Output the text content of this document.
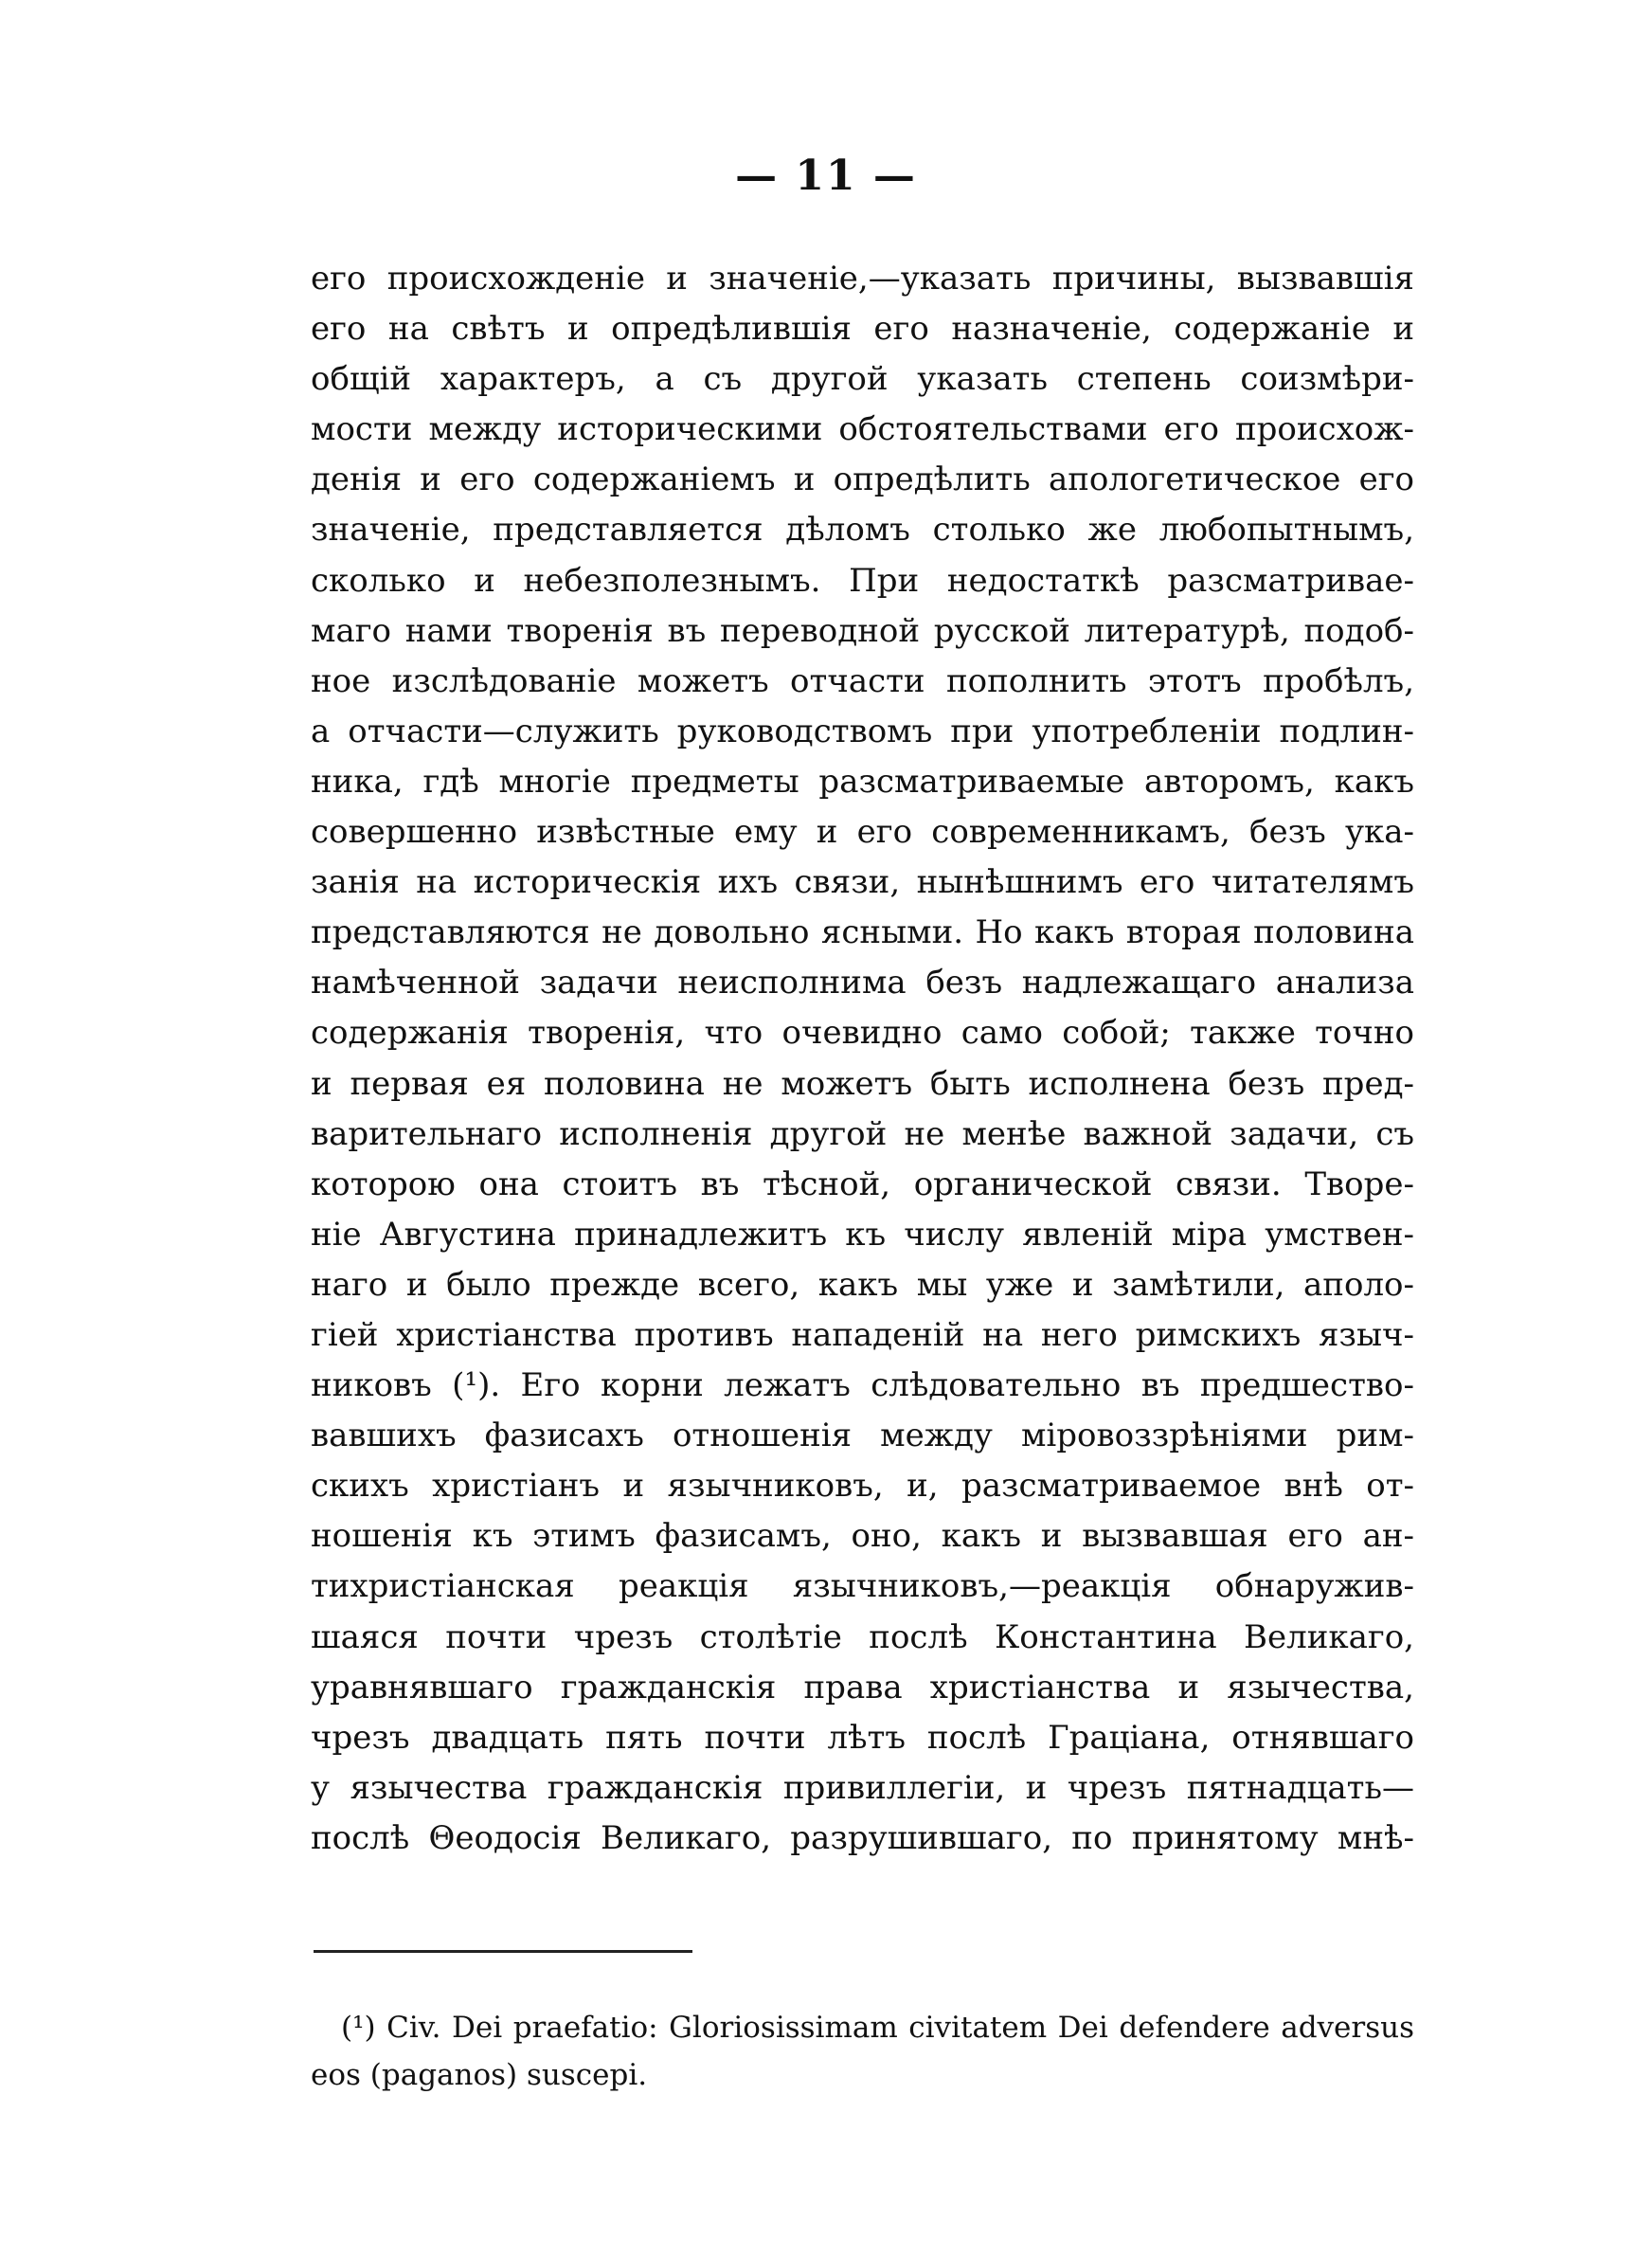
— 11 —
его происхожденіе и значеніе,—указать причины, вызвавшія
его на свѣтъ и опредѣлившія его назначеніе, содержаніе и
общій характеръ, а съ другой указать степень соизмѣри-
мости между историческими обстоятельствами его происхож-
денія и его содержаніемъ и опредѣлить апологетическое его
значеніе, представляется дѣломъ столько же любопытнымъ,
сколько и небезполезнымъ. При недостаткѣ разсматривае-
маго нами творенія въ переводной русской литературѣ, подоб-
ное изслѣдованіе можетъ отчасти пополнить этотъ пробѣлъ,
а отчасти—служить руководствомъ при употребленіи подлин-
ника, гдѣ многіе предметы разсматриваемые авторомъ, какъ
совершенно извѣстные ему и его современникамъ, безъ ука-
занія на историческія ихъ связи, нынѣшнимъ его читателямъ
представляются не довольно ясными. Но какъ вторая половина
намѣченной задачи неисполнима безъ надлежащаго анализа
содержанія творенія, что очевидно само собой; также точно
и первая ея половина не можетъ быть исполнена безъ пред-
варительнаго исполненія другой не менѣе важной задачи, съ
которою она стоитъ въ тѣсной, органической связи. Творе-
ніе Августина принадлежитъ къ числу явленій міра умствен-
наго и было прежде всего, какъ мы уже и замѣтили, аполо-
гіей христіанства противъ нападеній на него римскихъ языч-
никовъ (¹). Его корни лежатъ слѣдовательно въ предшество-
вавшихъ фазисахъ отношенія между міровоззрѣніями рим-
скихъ христіанъ и язычниковъ, и, разсматриваемое внѣ от-
ношенія къ этимъ фазисамъ, оно, какъ и вызвавшая его ан-
тихристіанская реакція язычниковъ,—реакція обнаружив-
шаяся почти чрезъ столѣтіе послѣ Константина Великаго,
уравнявшаго гражданскія права христіанства и язычества,
чрезъ двадцать пять почти лѣтъ послѣ Граціана, отнявшаго
у язычества гражданскія привиллегіи, и чрезъ пятнадцать—
послѣ Θеодосія Великаго, разрушившаго, по принятому мнѣ-
(¹) Civ. Dei praefatio: Gloriosissimam civitatem Dei defendere adversus
eos (paganos) suscepi.
